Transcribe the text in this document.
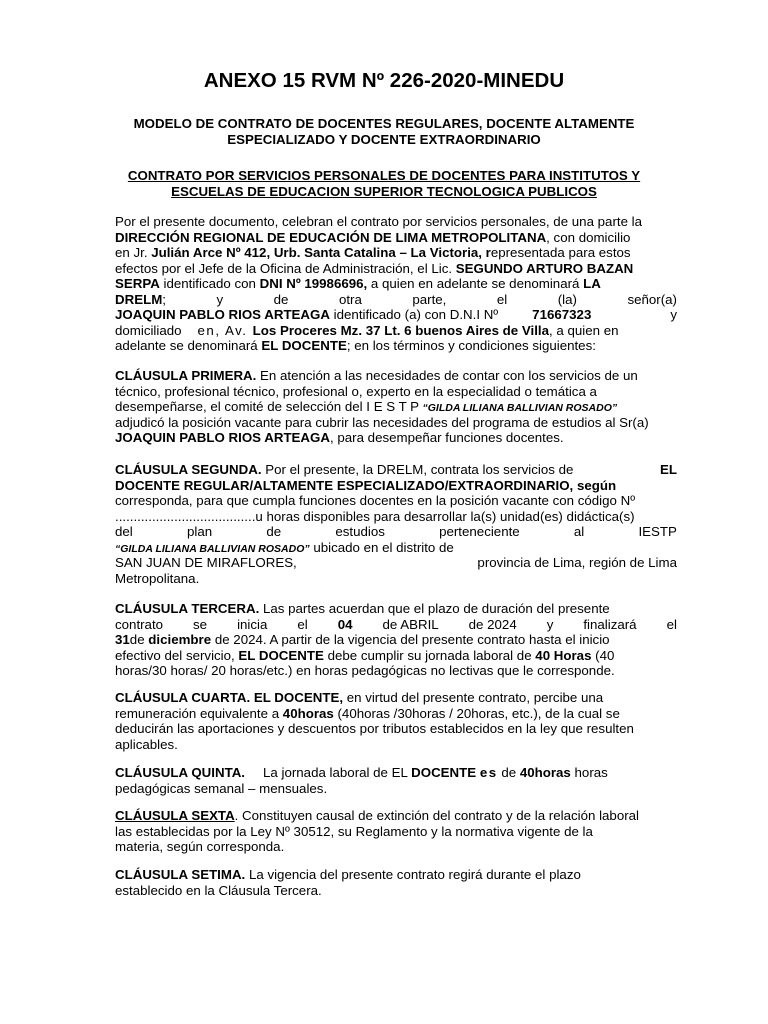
ANEXO 15 RVM Nº 226-2020-MINEDU
MODELO DE CONTRATO DE DOCENTES REGULARES, DOCENTE ALTAMENTE
ESPECIALIZADO Y DOCENTE EXTRAORDINARIO
CONTRATO POR SERVICIOS PERSONALES DE DOCENTES PARA INSTITUTOS Y
ESCUELAS DE EDUCACION SUPERIOR TECNOLOGICA PUBLICOS
Por el presente documento, celebran el contrato por servicios personales, de una parte la
DIRECCIÓN REGIONAL DE EDUCACIÓN DE LIMA METROPOLITANA, con domicilio
en Jr. Julián Arce Nº 412, Urb. Santa Catalina – La Victoria, representada para estos
efectos por el Jefe de la Oficina de Administración, el Lic. SEGUNDO ARTURO BAZAN
SERPA identificado con DNI Nº 19986696, a quien en adelante se denominará LA
DRELM;	y	de	otra	parte,	el	(la)	señor(a)
JOAQUIN PABLO RIOS ARTEAGA identificado (a) con D.N.I Nº	71667323	y
domiciliado en, Av. Los Proceres Mz. 37 Lt. 6 buenos Aires de Villa , a quien en
adelante se denominará EL DOCENTE; en los términos y condiciones siguientes:
CLÁUSULA PRIMERA. En atención a las necesidades de contar con los servicios de un
técnico, profesional técnico, profesional o, experto en la especialidad o temática a
desempeñarse, el comité de selección del I E S T P “GILDA LILIANA BALLIVIAN ROSADO”
adjudicó la posición vacante para cubrir las necesidades del programa de estudios al Sr(a)
JOAQUIN PABLO RIOS ARTEAGA, para desempeñar funciones docentes.
CLÁUSULA SEGUNDA. Por el presente, la DRELM, contrata los servicios de	EL
DOCENTE REGULAR/ALTAMENTE ESPECIALIZADO/EXTRAORDINARIO, según
corresponda, para que cumpla funciones docentes en la posición vacante con código Nº
......................................u horas disponibles para desarrollar la(s) unidad(es) didáctica(s)
del	plan	de	estudios	perteneciente	al	IESTP
“GILDA LILIANA BALLIVIAN ROSADO” ubicado en el distrito de
SAN JUAN DE MIRAFLORES,	provincia de Lima, región de Lima
Metropolitana.
CLÁUSULA TERCERA. Las partes acuerdan que el plazo de duración del presente
contrato se inicia el 04 de ABRIL de 2024 y finalizará el
31de diciembre de 2024. A partir de la vigencia del presente contrato hasta el inicio
efectivo del servicio, EL DOCENTE debe cumplir su jornada laboral de 40 Horas (40
horas/30 horas/ 20 horas/etc.) en horas pedagógicas no lectivas que le corresponde.
CLÁUSULA CUARTA. EL DOCENTE, en virtud del presente contrato, percibe una
remuneración equivalente a 40horas (40horas /30horas / 20horas, etc.), de la cual se
deducirán las aportaciones y descuentos por tributos establecidos en la ley que resulten
aplicables.
CLÁUSULA QUINTA. La jornada laboral de EL DOCENTE es de 40horas horas
pedagógicas semanal – mensuales.
CLÁUSULA SEXTA. Constituyen causal de extinción del contrato y de la relación laboral
las establecidas por la Ley Nº 30512, su Reglamento y la normativa vigente de la
materia, según corresponda.
CLÁUSULA SETIMA. La vigencia del presente contrato regirá durante el plazo
establecido en la Cláusula Tercera.
